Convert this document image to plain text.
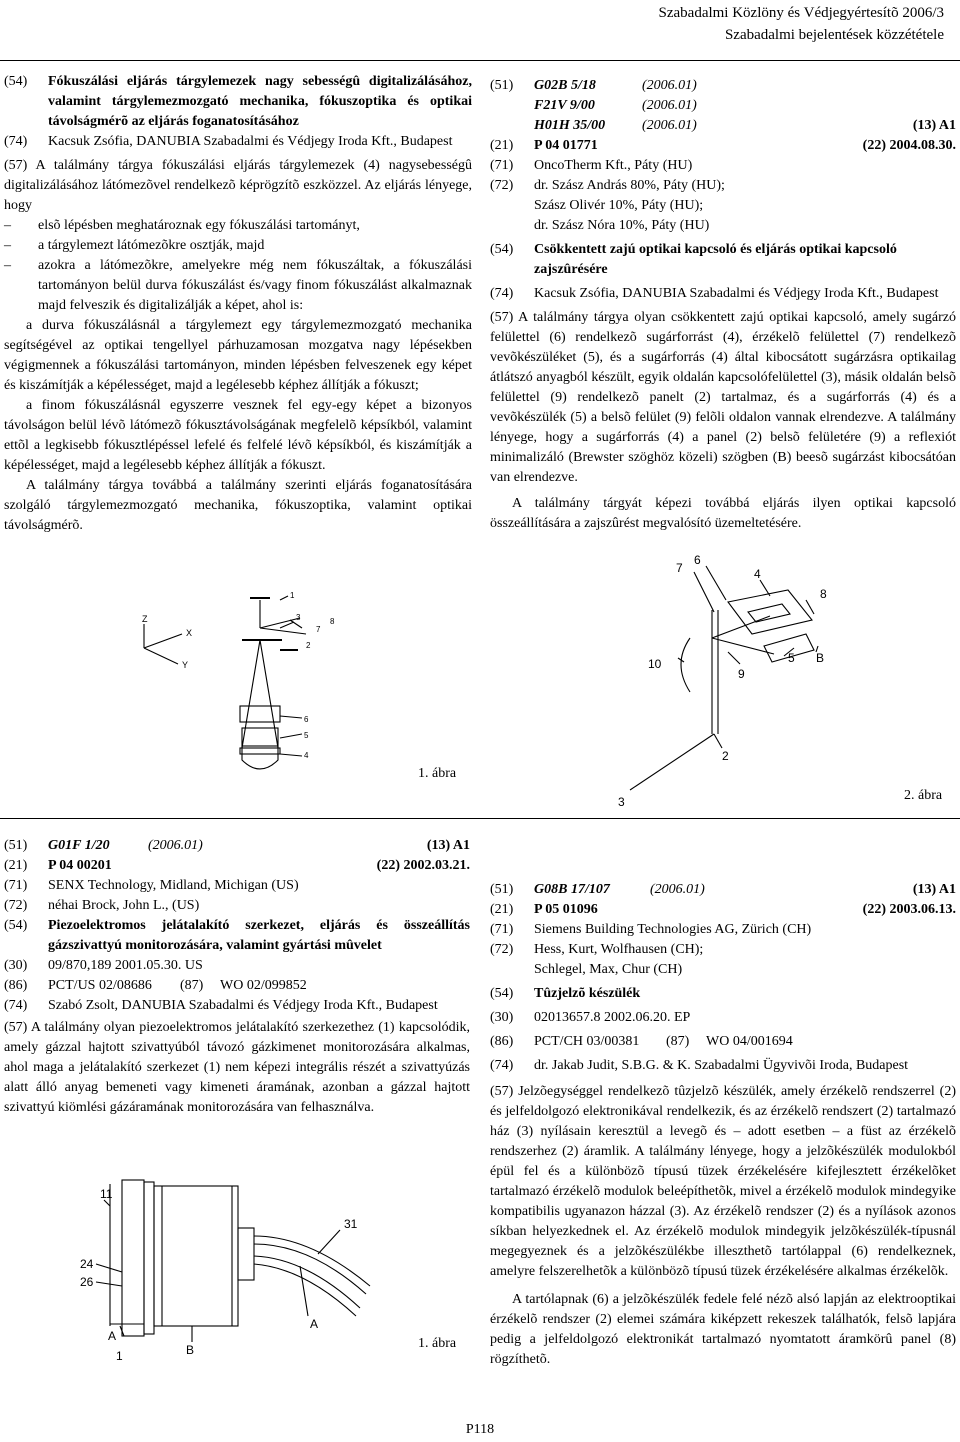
Szabadalmi Közlöny és Védjegyértesítõ 2006/3
Szabadalmi bejelentések közzététele
(54)	Fókuszálási eljárás tárgylemezek nagy sebességû digitalizálásához, valamint tárgylemezmozgató mechanika, fókuszoptika és optikai távolságmérõ az eljárás foganatosításához
(74)	Kacsuk Zsófia, DANUBIA Szabadalmi és Védjegy Iroda Kft., Budapest

(57) A találmány tárgya fókuszálási eljárás tárgylemezek (4) nagysebességû digitalizálásához látómezõvel rendelkezõ képrögzítõ eszközzel. Az eljárás lényege, hogy

–	elsõ lépésben meghatároznak egy fókuszálási tartományt,
–	a tárgylemezt látómezõkre osztják, majd
–	azokra a látómezõkre, amelyekre még nem fókuszáltak, a fókuszálási tartományon belül durva fókuszálást és/vagy finom fókuszálást alkalmaznak majd felveszik és digitalizálják a képet, ahol is:

a durva fókuszálásnál a tárgylemezt egy tárgylemezmozgató mechanika segítségével az optikai tengellyel párhuzamosan mozgatva nagy lépésekben végigmennek a fókuszálási tartományon, minden lépésben felveszenek egy képet és kiszámítják a képélességet, majd a legélesebb képhez állítják a fókuszt;

a finom fókuszálásnál egyszerre vesznek fel egy-egy képet a bizonyos távolságon belül lévõ látómezõ fókusztávolságának megfelelõ képsíkból, valamint ettõl a legkisebb fókusztlépéssel lefelé és felfelé lévõ képsíkból, és kiszámítják a képélességet, majd a legélesebb képhez állítják a fókuszt.

A találmány tárgya továbbá a találmány szerinti eljárás foganatosítására szolgáló tárgylemezmozgató mechanika, fókuszoptika, valamint optikai távolságmérõ.

Z
X
Y
1
3	8
7
2
6
5
4
1. ábra
(51)	G02B 5/18	(2006.01)
F21V 9/00	(2006.01)
H01H 35/00	(2006.01)	(13) A1
(21)	P 04 01771	(22) 2004.08.30.
(71)	OncoTherm Kft., Páty (HU)
(72)	dr. Szász András 80%, Páty (HU);
Szász Olivér 10%, Páty (HU);
dr. Szász Nóra 10%, Páty (HU)
(54)	Csökkentett zajú optikai kapcsoló és eljárás optikai kapcsoló zajszûrésére
(74)	Kacsuk Zsófia, DANUBIA Szabadalmi és Védjegy Iroda Kft., Budapest

(57) A találmány tárgya olyan csökkentett zajú optikai kapcsoló, amely sugárzó felülettel (6) rendelkezõ sugárforrást (4), érzékelõ felülettel (7) rendelkezõ vevõkészüléket (5), és a sugárforrás (4) által kibocsátott sugárzásra optikailag átlátszó anyagból készült, egyik oldalán kapcsolófelülettel (3), másik oldalán belsõ felülettel (9) rendelkezõ panelt (2) tartalmaz, és a sugárforrás (4) és a vevõkészülék (5) a belsõ felület (9) felõli oldalon vannak elrendezve. A találmány lényege, hogy a sugárforrás (4) a panel (2) belsõ felületére (9) a reflexiót minimalizáló (Brewster szöghöz közeli) szögben (B) beesõ sugárzást kibocsátóan van elrendezve.

A találmány tárgyát képezi továbbá eljárás ilyen optikai kapcsoló összeállítására a zajszûrést megvalósító üzemeltetésére.

7
6
4
8
10
9
5 B
2
3	2. ábra
(51)	G01F 1/20	(2006.01)	(13) A1
(21)	P 04 00201	(22) 2002.03.21.
(71)	SENX Technology, Midland, Michigan (US)
(72)	néhai Brock, John L., (US)
(54)	Piezoelektromos jelátalakító szerkezet, eljárás és összeállítás gázszivattyú monitorozására, valamint gyártási mûvelet
(30)	09/870,189 2001.05.30. US
(86)	PCT/US 02/08686	(87)	WO 02/099852
(74)	Szabó Zsolt, DANUBIA Szabadalmi és Védjegy Iroda Kft., Budapest

(57) A találmány olyan piezoelektromos jelátalakító szerkezethez (1) kapcsolódik, amely gázzal hajtott szivattyúból távozó gázkimenet monitorozására alkalmas, ahol maga a jelátalakító szerkezet (1) nem képezi integrális részét a szivattyúzás alatt álló anyag bemeneti vagy kimeneti áramának, azonban a gázzal hajtott szivattyú kiömlési gázáramának monitorozására van felhasználva.

11
31
24
26
A
B
A
1
1. ábra
(51)	G08B 17/107	(2006.01)	(13) A1
(21)	P 05 01096	(22) 2003.06.13.
(71)	Siemens Building Technologies AG, Zürich (CH)
(72)	Hess, Kurt, Wolfhausen (CH);
Schlegel, Max, Chur (CH)
(54)	Tûzjelzõ készülék
(30)	02013657.8 2002.06.20. EP
(86)	PCT/CH 03/00381	(87)	WO 04/001694
(74)	dr. Jakab Judit, S.B.G. & K. Szabadalmi Ügyvivõi Iroda, Budapest

(57) Jelzõegységgel rendelkezõ tûzjelzõ készülék, amely érzékelõ rendszerrel (2) és jelfeldolgozó elektronikával rendelkezik, és az érzékelõ rendszert (2) tartalmazó ház (3) nyílásain keresztül a levegõ és – adott esetben – a füst az érzékelõ rendszerhez (2) áramlik. A találmány lényege, hogy a jelzõkészülék modulokból épül fel és a különbözõ típusú tüzek érzékelésére kifejlesztett érzékelõket tartalmazó érzékelõ modulok beleépíthetõk, mivel a érzékelõ modulok mindegyike kompatibilis ugyanazon házzal (3). Az érzékelõ rendszer (2) és a nyílások azonos síkban helyezkednek el. Az érzékelõ modulok mindegyik jelzõkészülék-típusnál megegyeznek és a jelzõkészülékbe illeszthetõ tartólappal (6) rendelkeznek, amelyre felszerelhetõk a különbözõ típusú tüzek érzékelésére alkalmas érzékelõk.

A tartólapnak (6) a jelzõkészülék fedele felé nézõ alsó lapján az elektrooptikai érzékelõ rendszer (2) elemei számára kiképzett rekeszek találhatók, felsõ lapjára pedig a jelfeldolgozó elektronikát tartalmazó nyomtatott áramkörû panel (8) rögzíthetõ.

P118
